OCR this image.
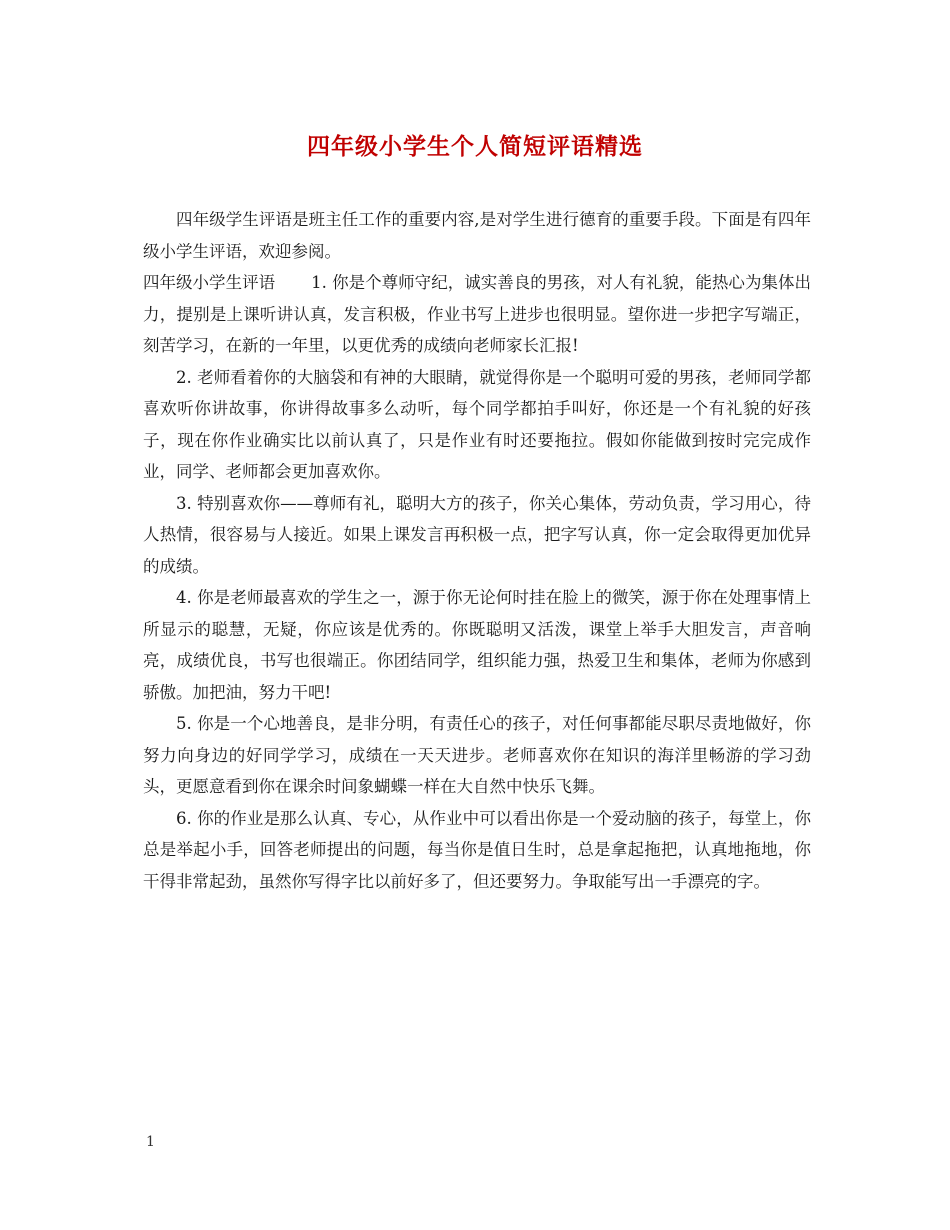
四年级小学生个人简短评语精选

四年级学生评语是班主任工作的重要内容,是对学生进行德育的重要手段。下面是有四年级小学生评语，欢迎参阅。

四年级小学生评语 1. 你是个尊师守纪，诚实善良的男孩，对人有礼貌，能热心为集体出力，提别是上课听讲认真，发言积极，作业书写上进步也很明显。望你进一步把字写端正，刻苦学习，在新的一年里，以更优秀的成绩向老师家长汇报!

2. 老师看着你的大脑袋和有神的大眼睛，就觉得你是一个聪明可爱的男孩，老师同学都喜欢听你讲故事，你讲得故事多么动听，每个同学都拍手叫好，你还是一个有礼貌的好孩子，现在你作业确实比以前认真了，只是作业有时还要拖拉。假如你能做到按时完完成作业，同学、老师都会更加喜欢你。

3. 特别喜欢你——尊师有礼，聪明大方的孩子，你关心集体，劳动负责，学习用心，待人热情，很容易与人接近。如果上课发言再积极一点，把字写认真，你一定会取得更加优异的成绩。

4. 你是老师最喜欢的学生之一，源于你无论何时挂在脸上的微笑，源于你在处理事情上所显示的聪慧，无疑，你应该是优秀的。你既聪明又活泼，课堂上举手大胆发言，声音响亮，成绩优良，书写也很端正。你团结同学，组织能力强，热爱卫生和集体，老师为你感到骄傲。加把油，努力干吧!

5. 你是一个心地善良，是非分明，有责任心的孩子，对任何事都能尽职尽责地做好，你努力向身边的好同学学习，成绩在一天天进步。老师喜欢你在知识的海洋里畅游的学习劲头，更愿意看到你在课余时间象蝴蝶一样在大自然中快乐飞舞。

6. 你的作业是那么认真、专心，从作业中可以看出你是一个爱动脑的孩子，每堂上，你总是举起小手，回答老师提出的问题，每当你是值日生时，总是拿起拖把，认真地拖地，你干得非常起劲，虽然你写得字比以前好多了，但还要努力。争取能写出一手漂亮的字。

1
